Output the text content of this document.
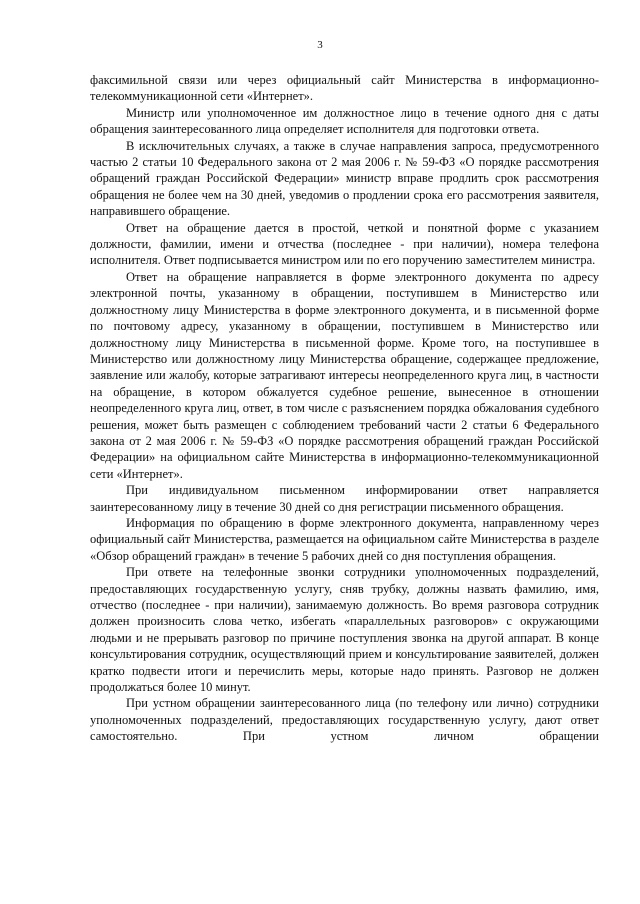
3

факсимильной связи или через официальный сайт Министерства в информационно-телекоммуникационной сети «Интернет».

Министр или уполномоченное им должностное лицо в течение одного дня с даты обращения заинтересованного лица определяет исполнителя для подготовки ответа.

В исключительных случаях, а также в случае направления запроса, предусмотренного частью 2 статьи 10 Федерального закона от 2 мая 2006 г. № 59-ФЗ «О порядке рассмотрения обращений граждан Российской Федерации» министр вправе продлить срок рассмотрения обращения не более чем на 30 дней, уведомив о продлении срока его рассмотрения заявителя, направившего обращение.

Ответ на обращение дается в простой, четкой и понятной форме с указанием должности, фамилии, имени и отчества (последнее - при наличии), номера телефона исполнителя. Ответ подписывается министром или по его поручению заместителем министра.

Ответ на обращение направляется в форме электронного документа по адресу электронной почты, указанному в обращении, поступившем в Министерство или должностному лицу Министерства в форме электронного документа, и в письменной форме по почтовому адресу, указанному в обращении, поступившем в Министерство или должностному лицу Министерства в письменной форме. Кроме того, на поступившее в Министерство или должностному лицу Министерства обращение, содержащее предложение, заявление или жалобу, которые затрагивают интересы неопределенного круга лиц, в частности на обращение, в котором обжалуется судебное решение, вынесенное в отношении неопределенного круга лиц, ответ, в том числе с разъяснением порядка обжалования судебного решения, может быть размещен с соблюдением требований части 2 статьи 6 Федерального закона от 2 мая 2006 г. № 59-ФЗ «О порядке рассмотрения обращений граждан Российской Федерации» на официальном сайте Министерства в информационно-телекоммуникационной сети «Интернет».

При индивидуальном письменном информировании ответ направляется заинтересованному лицу в течение 30 дней со дня регистрации письменного обращения.

Информация по обращению в форме электронного документа, направленному через официальный сайт Министерства, размещается на официальном сайте Министерства в разделе «Обзор обращений граждан» в течение 5 рабочих дней со дня поступления обращения.

При ответе на телефонные звонки сотрудники уполномоченных подразделений, предоставляющих государственную услугу, сняв трубку, должны назвать фамилию, имя, отчество (последнее - при наличии), занимаемую должность. Во время разговора сотрудник должен произносить слова четко, избегать «параллельных разговоров» с окружающими людьми и не прерывать разговор по причине поступления звонка на другой аппарат. В конце консультирования сотрудник, осуществляющий прием и консультирование заявителей, должен кратко подвести итоги и перечислить меры, которые надо принять. Разговор не должен продолжаться более 10 минут.

При устном обращении заинтересованного лица (по телефону или лично) сотрудники уполномоченных подразделений, предоставляющих государственную услугу, дают ответ самостоятельно. При устном личном обращении
